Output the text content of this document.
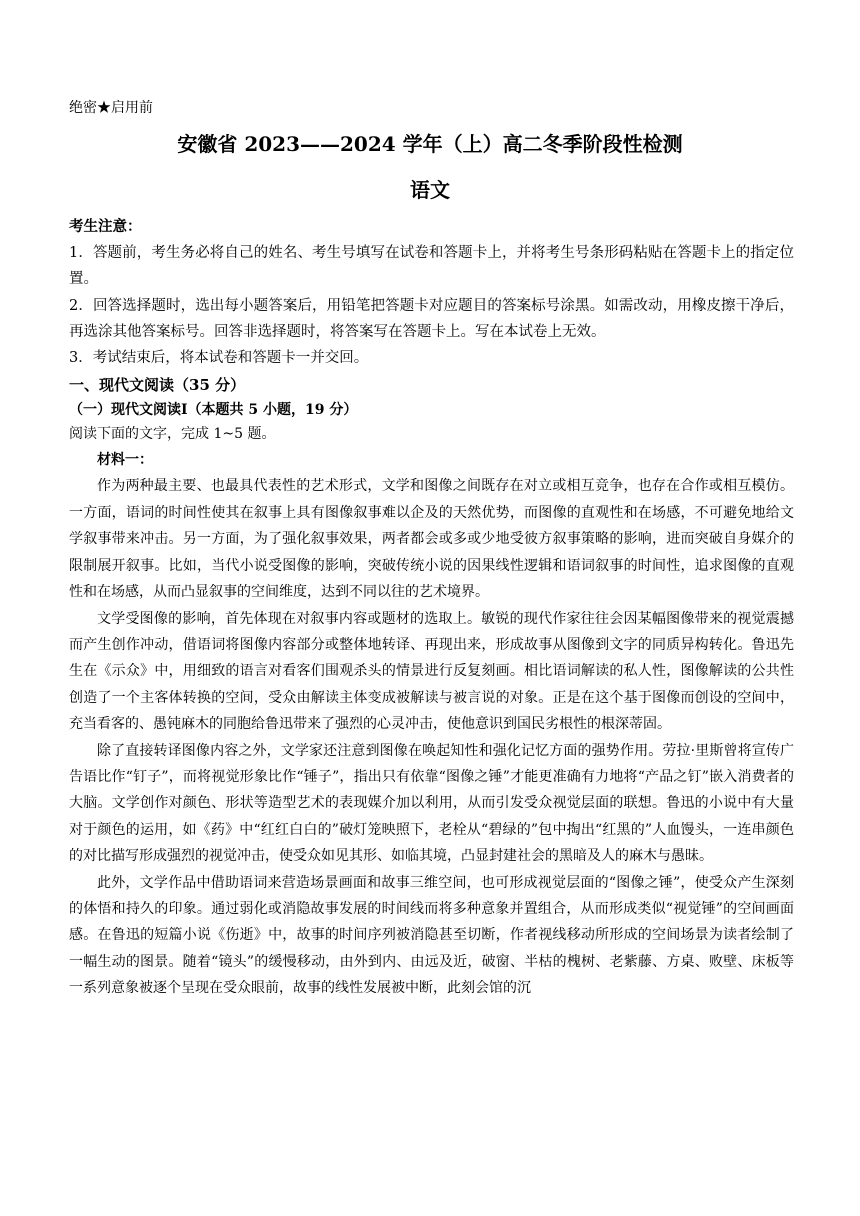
绝密★启用前
安徽省 2023——2024 学年（上）高二冬季阶段性检测
语文

考生注意：

1．答题前，考生务必将自己的姓名、考生号填写在试卷和答题卡上，并将考生号条形码粘贴在答题卡上的指定位置。

2．回答选择题时，选出每小题答案后，用铅笔把答题卡对应题目的答案标号涂黑。如需改动，用橡皮擦干净后，再选涂其他答案标号。回答非选择题时，将答案写在答题卡上。写在本试卷上无效。

3．考试结束后，将本试卷和答题卡一并交回。

一、现代文阅读（35 分）

（一）现代文阅读Ⅰ（本题共 5 小题，19 分）

阅读下面的文字，完成 1~5 题。

材料一：

作为两种最主要、也最具代表性的艺术形式，文学和图像之间既存在对立或相互竞争，也存在合作或相互模仿。一方面，语词的时间性使其在叙事上具有图像叙事难以企及的天然优势，而图像的直观性和在场感，不可避免地给文学叙事带来冲击。另一方面，为了强化叙事效果，两者都会或多或少地受彼方叙事策略的影响，进而突破自身媒介的限制展开叙事。比如，当代小说受图像的影响，突破传统小说的因果线性逻辑和语词叙事的时间性，追求图像的直观性和在场感，从而凸显叙事的空间维度，达到不同以往的艺术境界。

文学受图像的影响，首先体现在对叙事内容或题材的选取上。敏锐的现代作家往往会因某幅图像带来的视觉震撼而产生创作冲动，借语词将图像内容部分或整体地转译、再现出来，形成故事从图像到文字的同质异构转化。鲁迅先生在《示众》中，用细致的语言对看客们围观杀头的情景进行反复刻画。相比语词解读的私人性，图像解读的公共性创造了一个主客体转换的空间，受众由解读主体变成被解读与被言说的对象。正是在这个基于图像而创设的空间中，充当看客的、愚钝麻木的同胞给鲁迅带来了强烈的心灵冲击，使他意识到国民劣根性的根深蒂固。

除了直接转译图像内容之外，文学家还注意到图像在唤起知性和强化记忆方面的强势作用。劳拉·里斯曾将宣传广告语比作“钉子”，而将视觉形象比作“锤子”，指出只有依靠“图像之锤”才能更准确有力地将“产品之钉”嵌入消费者的大脑。文学创作对颜色、形状等造型艺术的表现媒介加以利用，从而引发受众视觉层面的联想。鲁迅的小说中有大量对于颜色的运用，如《药》中“红红白白的”破灯笼映照下，老栓从“碧绿的”包中掏出“红黑的”人血馒头，一连串颜色的对比描写形成强烈的视觉冲击，使受众如见其形、如临其境，凸显封建社会的黑暗及人的麻木与愚昧。

此外，文学作品中借助语词来营造场景画面和故事三维空间，也可形成视觉层面的“图像之锤”，使受众产生深刻的体悟和持久的印象。通过弱化或消隐故事发展的时间线而将多种意象并置组合，从而形成类似“视觉锤”的空间画面感。在鲁迅的短篇小说《伤逝》中，故事的时间序列被消隐甚至切断，作者视线移动所形成的空间场景为读者绘制了一幅生动的图景。随着“镜头”的缓慢移动，由外到内、由远及近，破窗、半枯的槐树、老紫藤、方桌、败壁、床板等一系列意象被逐个呈现在受众眼前，故事的线性发展被中断，此刻会馆的沉
